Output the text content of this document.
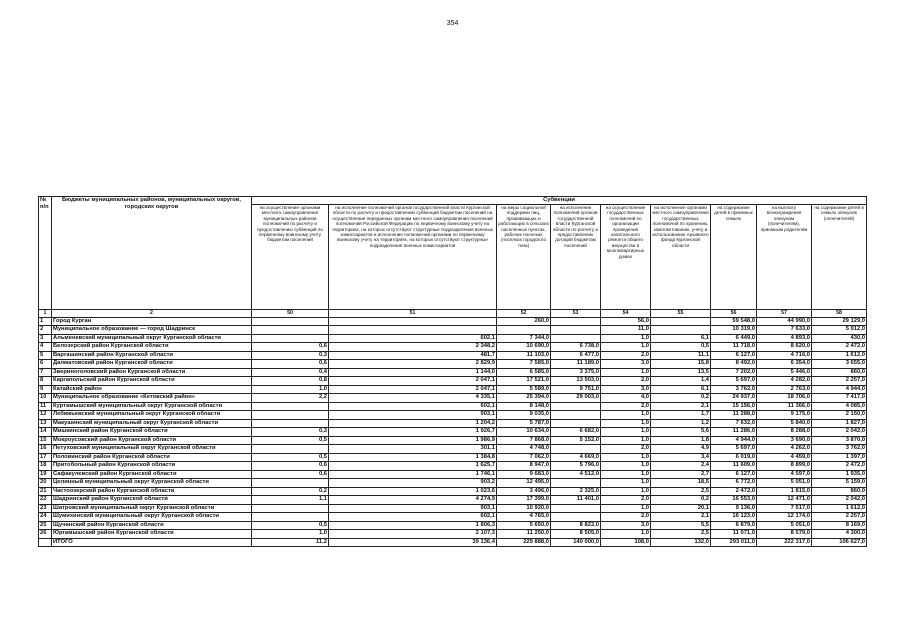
354
№ п/п	Бюджеты муниципальных районов, муниципальных округов, городских округов	Субвенции								
		на осуществление органами местного самоуправления муниципальных районов полномочий по расчету и предоставлению субвенций по первичному воинскому учету бюджетам поселений	на исполнение полномочий органов государственной власти Курганской области по расчету и предоставлению субвенций бюджетам поселений на осуществление переданных органам местного самоуправления поселений полномочий Российской Федерации по первичному воинскому учету на территориях, на которых отсутствуют структурные подразделения военных комиссариатов и исполнение полномочий органами по первичному воинскому учету на территориях, на которых отсутствуют структурные подразделения военных комиссариатов	на меры социальной поддержки лиц, проживающих и работающих в сельских населенных пунктах, рабочих поселках (поселках городского типа)	на исполнение полномочий органов государственной власти Курганской области по расчету и предоставлению дотаций бюджетам поселений	на осуществление государственных полномочий по организации проведения капитального ремонта общего имущества в многоквартирных домах	на исполнение органами местного самоуправления государственных полномочий по хранению, комплектованию, учету и использованию Архивного фонда Курганской области	на содержание детей в приемных семьях	на выплату вознаграждения опекунам (попечителям), приемным родителям	на содержание детей в семьях опекунов (попечителей)
1	2	50	51	52	53	54	55	56	57	58
1	Город Курган			260,0		56,0		59 548,0	44 990,0	29 129,0
2	Муниципальное образование — город Шадринск					11,0		10 319,0	7 633,0	5 912,0
3	Альменевский муниципальный округ Курганской области		602,1	7 344,0		1,0	6,1	6 449,0	4 893,0	430,0
4	Белозерский район Курганской области	0,6	2 348,2	10 690,0	6 738,0	1,0	0,5	11 718,0	8 620,0	2 472,0
5	Варгашинский район Курганской области	0,3	481,7	11 103,0	6 477,0	2,0	11,1	6 127,0	4 716,0	1 612,0
6	Далматовский район Курганской области	0,6	2 829,9	7 585,0	11 189,0	3,0	15,8	8 492,0	6 354,0	3 655,0
7	Звериноголовский район Курганской области	0,4	1 144,0	6 585,0	3 375,0	1,0	13,5	7 202,0	5 446,0	860,0
8	Каргапольский район Курганской области	0,8	2 047,1	17 521,0	13 503,0	2,0	1,4	5 697,0	4 282,0	2 257,0
9	Катайский район	1,0	2 047,1	5 589,0	9 751,0	3,0	6,1	3 762,0	2 763,0	4 944,0
10	Муниципальное образование «Кетовский район»	2,2	4 335,1	25 394,0	29 003,0	4,0	0,2	24 937,0	18 706,0	7 417,0
11	Куртамышский муниципальный округ Курганской области		602,1	8 148,0		2,0	2,1	15 156,0	11 366,0	4 085,0
12	Лебяжьевский муниципальный округ Курганской области		903,1	9 035,0		1,0	1,7	11 288,0	9 175,0	2 150,0
13	Макушинский муниципальный округ Курганской области		1 204,2	5 787,0		1,0	1,2	7 632,0	5 840,0	1 827,0
14	Мишкинский район Курганской области	0,3	1 926,7	10 634,0	6 682,0	1,0	5,6	11 286,0	8 288,0	2 042,0
15	Мокроусовский район Курганской области	0,5	1 986,9	7 868,0	5 152,0	1,0	1,8	4 944,0	3 690,0	3 870,0
16	Петуховский муниципальный округ Курганской области		301,1	4 748,0		2,0	4,9	5 697,0	4 262,0	3 762,0
17	Половинский район Курганской области	0,5	1 384,8	7 062,0	4 669,0	1,0	3,4	6 019,0	4 459,0	1 397,0
18	Притобольный район Курганской области	0,6	1 625,7	8 947,0	5 796,0	1,0	2,4	11 609,0	8 899,0	2 472,0
19	Сафакулевский район Курганской области	0,6	1 746,1	9 683,0	4 512,0	1,0	2,7	6 127,0	4 597,0	1 935,0
20	Целинный муниципальный округ Курганской области		903,2	12 495,0		1,0	18,5	6 772,0	5 051,0	5 159,0
21	Частоозерский район Курганской области	0,2	1 023,6	3 496,0	2 325,0	1,0	2,5	2 472,0	1 815,0	860,0
22	Шадринский район Курганской области	1,1	4 274,9	17 399,0	11 401,0	2,0	0,2	16 553,0	12 471,0	2 042,0
23	Шатровский муниципальный округ Курганской области		903,1	10 920,0		1,0	20,1	9 136,0	7 517,0	1 612,0
24	Шумихинский муниципальный округ Курганской области		602,1	4 765,0		2,0	2,1	16 123,0	12 174,0	2 257,0
25	Щучанский район Курганской области	0,5	1 806,3	5 650,0	8 822,0	3,0	5,5	6 879,0	5 051,0	8 169,0
26	Юргамышский район Курганской области	1,0	2 107,3	11 250,0	8 505,0	1,0	2,5	11 071,0	8 579,0	4 300,0
	ИТОГО	11,2	39 136,4	229 888,0	140 000,0	108,0	132,0	293 011,0	222 317,0	106 627,0
